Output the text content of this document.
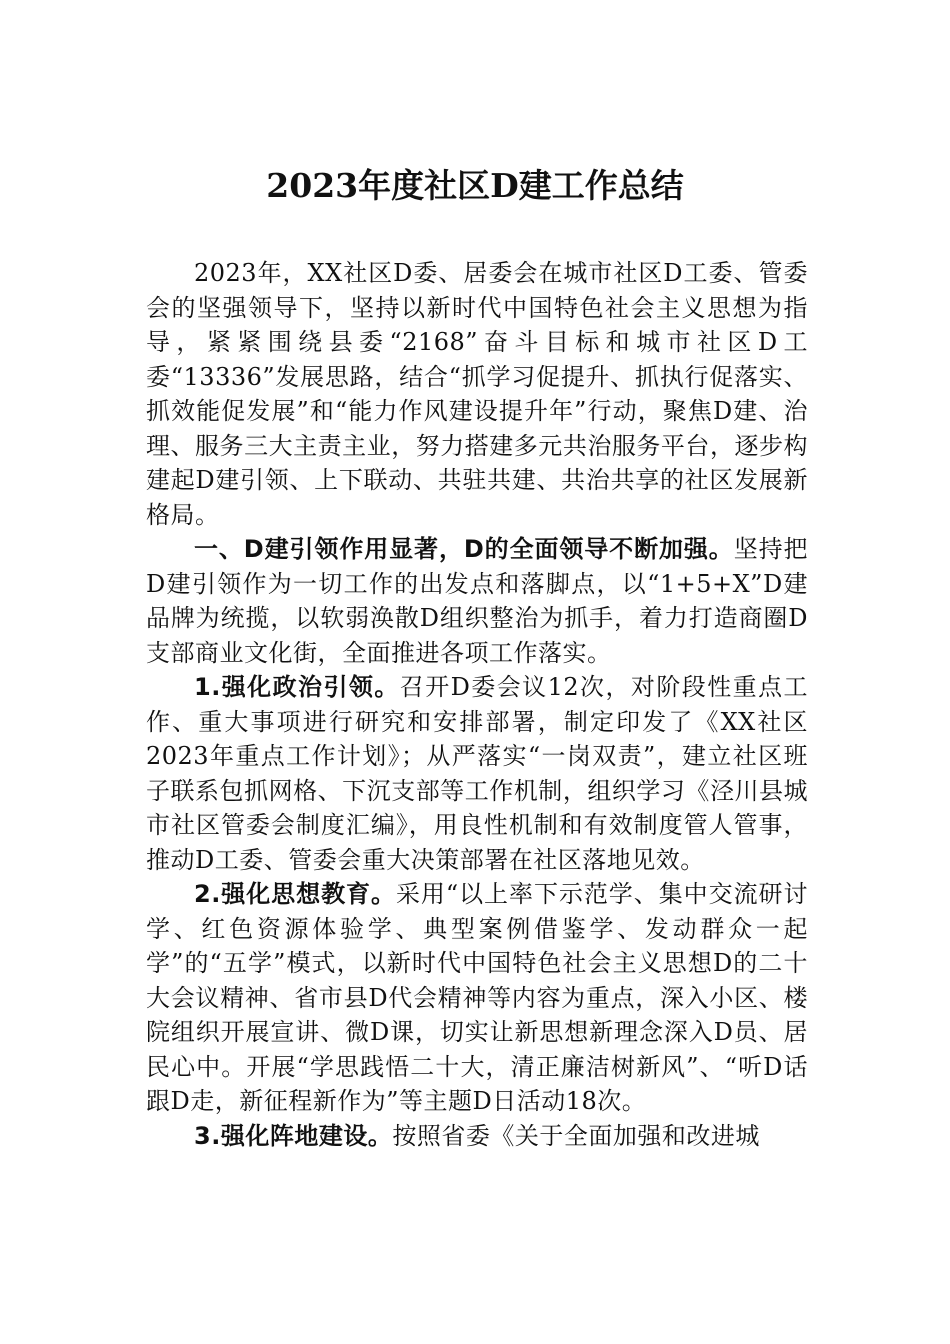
2023年度社区D建工作总结

2023年，XX社区D委、居委会在城市社区D工委、管委会的坚强领导下，坚持以新时代中国特色社会主义思想为指导，紧紧围绕县委“2168”奋斗目标和城市社区D工委“13336”发展思路，结合“抓学习促提升、抓执行促落实、抓效能促发展”和“能力作风建设提升年”行动，聚焦D建、治理、服务三大主责主业，努力搭建多元共治服务平台，逐步构建起D建引领、上下联动、共驻共建、共治共享的社区发展新格局。

一、D建引领作用显著，D的全面领导不断加强。坚持把D建引领作为一切工作的出发点和落脚点，以“1+5+X”D建品牌为统揽，以软弱涣散D组织整治为抓手，着力打造商圈D支部商业文化街，全面推进各项工作落实。

1.强化政治引领。召开D委会议12次，对阶段性重点工作、重大事项进行研究和安排部署，制定印发了《XX社区2023年重点工作计划》；从严落实“一岗双责”，建立社区班子联系包抓网格、下沉支部等工作机制，组织学习《泾川县城市社区管委会制度汇编》，用良性机制和有效制度管人管事，推动D工委、管委会重大决策部署在社区落地见效。

2.强化思想教育。采用“以上率下示范学、集中交流研讨学、红色资源体验学、典型案例借鉴学、发动群众一起学”的“五学”模式，以新时代中国特色社会主义思想D的二十大会议精神、省市县D代会精神等内容为重点，深入小区、楼院组织开展宣讲、微D课，切实让新思想新理念深入D员、居民心中。开展“学思践悟二十大，清正廉洁树新风”、“听D话跟D走，新征程新作为”等主题D日活动18次。

3.强化阵地建设。按照省委《关于全面加强和改进城
